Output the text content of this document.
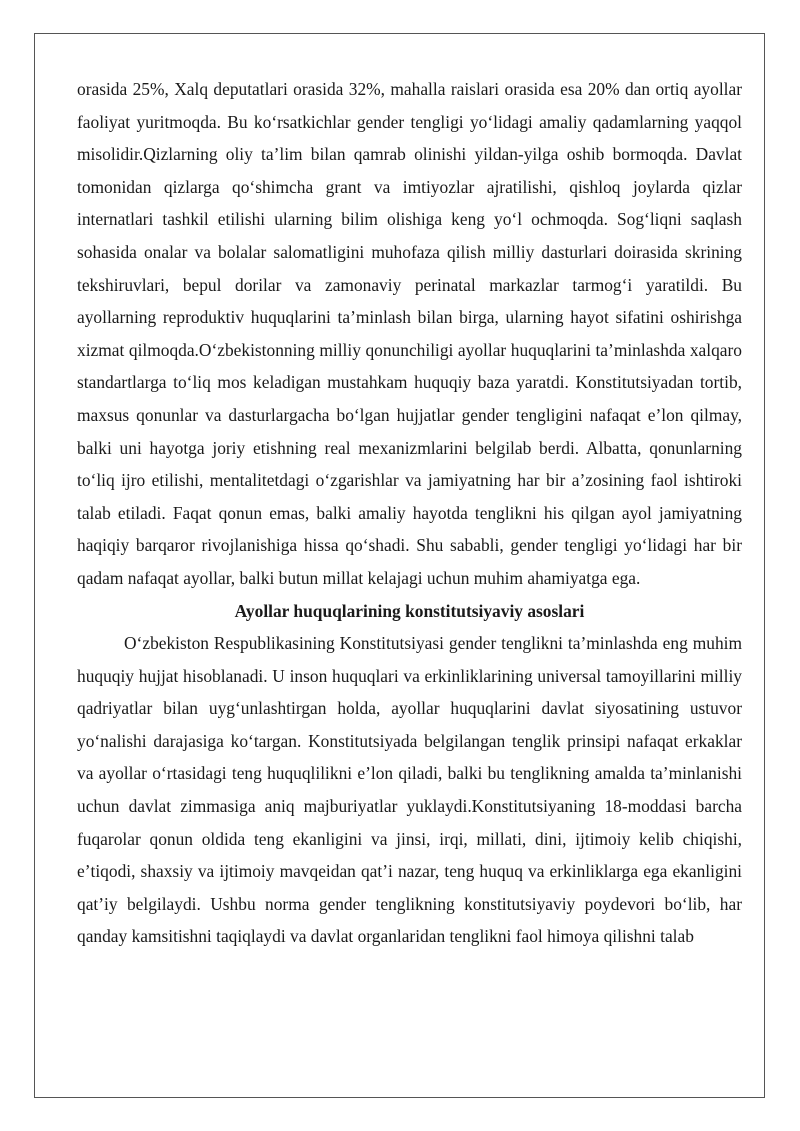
orasida 25%, Xalq deputatlari orasida 32%, mahalla raislari orasida esa 20% dan ortiq ayollar faoliyat yuritmoqda. Bu koʻrsatkichlar gender tengligi yoʻlidagi amaliy qadamlarning yaqqol misolidir.Qizlarning oliy taʼlim bilan qamrab olinishi yildan-yilga oshib bormoqda. Davlat tomonidan qizlarga qoʻshimcha grant va imtiyozlar ajratilishi, qishloq joylarda qizlar internatlari tashkil etilishi ularning bilim olishiga keng yoʻl ochmoqda. Sogʻliqni saqlash sohasida onalar va bolalar salomatligini muhofaza qilish milliy dasturlari doirasida skrining tekshiruvlari, bepul dorilar va zamonaviy perinatal markazlar tarmogʻi yaratildi. Bu ayollarning reproduktiv huquqlarini taʼminlash bilan birga, ularning hayot sifatini oshirishga xizmat qilmoqda.Oʻzbekistonning milliy qonunchiligi ayollar huquqlarini taʼminlashda xalqaro standartlarga toʻliq mos keladigan mustahkam huquqiy baza yaratdi. Konstitutsiyadan tortib, maxsus qonunlar va dasturlargacha boʻlgan hujjatlar gender tengligini nafaqat eʼlon qilmay, balki uni hayotga joriy etishning real mexanizmlarini belgilab berdi. Albatta, qonunlarning toʻliq ijro etilishi, mentalitetdagi oʻzgarishlar va jamiyatning har bir aʼzosining faol ishtiroki talab etiladi. Faqat qonun emas, balki amaliy hayotda tenglikni his qilgan ayol jamiyatning haqiqiy barqaror rivojlanishiga hissa qoʻshadi. Shu sababli, gender tengligi yoʻlidagi har bir qadam nafaqat ayollar, balki butun millat kelajagi uchun muhim ahamiyatga ega.

Ayollar huquqlarining konstitutsiyaviy asoslari

Oʻzbekiston Respublikasining Konstitutsiyasi gender tenglikni taʼminlashda eng muhim huquqiy hujjat hisoblanadi. U inson huquqlari va erkinliklarining universal tamoyillarini milliy qadriyatlar bilan uygʻunlashtirgan holda, ayollar huquqlarini davlat siyosatining ustuvor yoʻnalishi darajasiga koʻtargan. Konstitutsiyada belgilangan tenglik prinsipi nafaqat erkaklar va ayollar oʻrtasidagi teng huquqlilikni eʼlon qiladi, balki bu tenglikning amalda taʼminlanishi uchun davlat zimmasiga aniq majburiyatlar yuklaydi.Konstitutsiyaning 18-moddasi barcha fuqarolar qonun oldida teng ekanligini va jinsi, irqi, millati, dini, ijtimoiy kelib chiqishi, eʼtiqodi, shaxsiy va ijtimoiy mavqeidan qatʼi nazar, teng huquq va erkinliklarga ega ekanligini qatʼiy belgilaydi. Ushbu norma gender tenglikning konstitutsiyaviy poydevori boʻlib, har qanday kamsitishni taqiqlaydi va davlat organlaridan tenglikni faol himoya qilishni talab
